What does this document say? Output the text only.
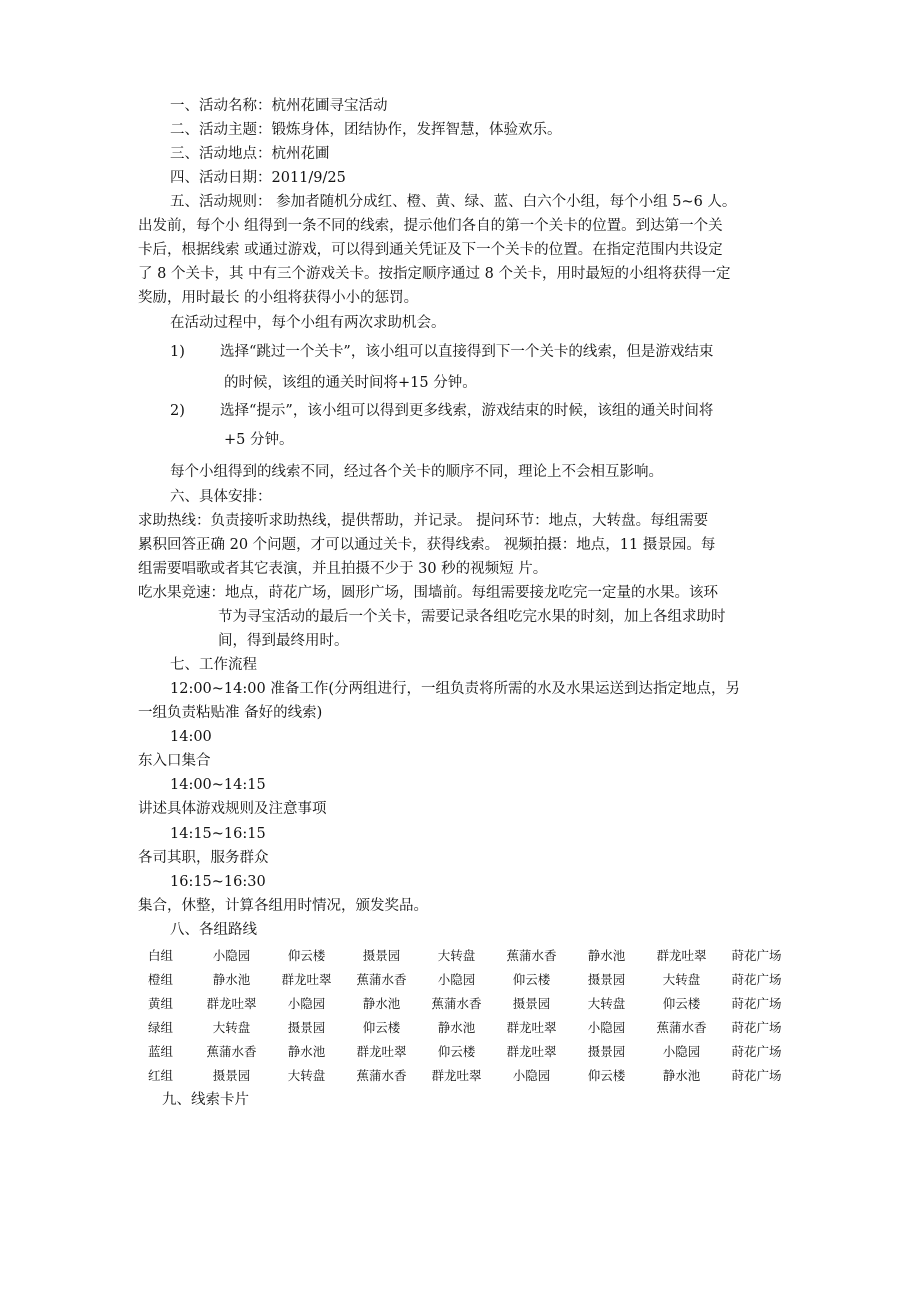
一、活动名称：杭州花圃寻宝活动
二、活动主题：锻炼身体，团结协作，发挥智慧，体验欢乐。
三、活动地点：杭州花圃
四、活动日期：2011/9/25
五、活动规则： 参加者随机分成红、橙、黄、绿、蓝、白六个小组，每个小组 5~6 人。
出发前，每个小 组得到一条不同的线索，提示他们各自的第一个关卡的位置。到达第一个关
卡后，根据线索 或通过游戏，可以得到通关凭证及下一个关卡的位置。在指定范围内共设定
了 8 个关卡，其 中有三个游戏关卡。按指定顺序通过 8 个关卡，用时最短的小组将获得一定
奖励，用时最长 的小组将获得小小的惩罚。
在活动过程中，每个小组有两次求助机会。
1) 选择“跳过一个关卡”，该小组可以直接得到下一个关卡的线索，但是游戏结束
的时候，该组的通关时间将+15 分钟。
2) 选择“提示”，该小组可以得到更多线索，游戏结束的时候，该组的通关时间将
+5 分钟。
每个小组得到的线索不同，经过各个关卡的顺序不同，理论上不会相互影响。
六、具体安排：
求助热线：负责接听求助热线，提供帮助，并记录。 提问环节：地点，大转盘。每组需要
累积回答正确 20 个问题，才可以通过关卡，获得线索。 视频拍摄：地点，11 摄景园。每
组需要唱歌或者其它表演，并且拍摄不少于 30 秒的视频短 片。
吃水果竞速：地点，莳花广场，圆形广场，围墙前。每组需要接龙吃完一定量的水果。该环
节为寻宝活动的最后一个关卡，需要记录各组吃完水果的时刻，加上各组求助时
间，得到最终用时。
七、工作流程
12:00~14:00 准备工作(分两组进行，一组负责将所需的水及水果运送到达指定地点，另
一组负责粘贴准 备好的线索)
14:00
东入口集合
14:00~14:15
讲述具体游戏规则及注意事项
14:15~16:15
各司其职，服务群众
16:15~16:30
集合，休整，计算各组用时情况，颁发奖品。
八、各组路线
白组	小隐园	仰云楼	摄景园	大转盘	蕉蒲水香	静水池	群龙吐翠	莳花广场
橙组	静水池	群龙吐翠	蕉蒲水香	小隐园	仰云楼	摄景园	大转盘	莳花广场
黄组	群龙吐翠	小隐园	静水池	蕉蒲水香	摄景园	大转盘	仰云楼	莳花广场
绿组	大转盘	摄景园	仰云楼	静水池	群龙吐翠	小隐园	蕉蒲水香	莳花广场
蓝组	蕉蒲水香	静水池	群龙吐翠	仰云楼	群龙吐翠	摄景园	小隐园	莳花广场
红组	摄景园	大转盘	蕉蒲水香	群龙吐翠	小隐园	仰云楼	静水池	莳花广场
九、线索卡片
